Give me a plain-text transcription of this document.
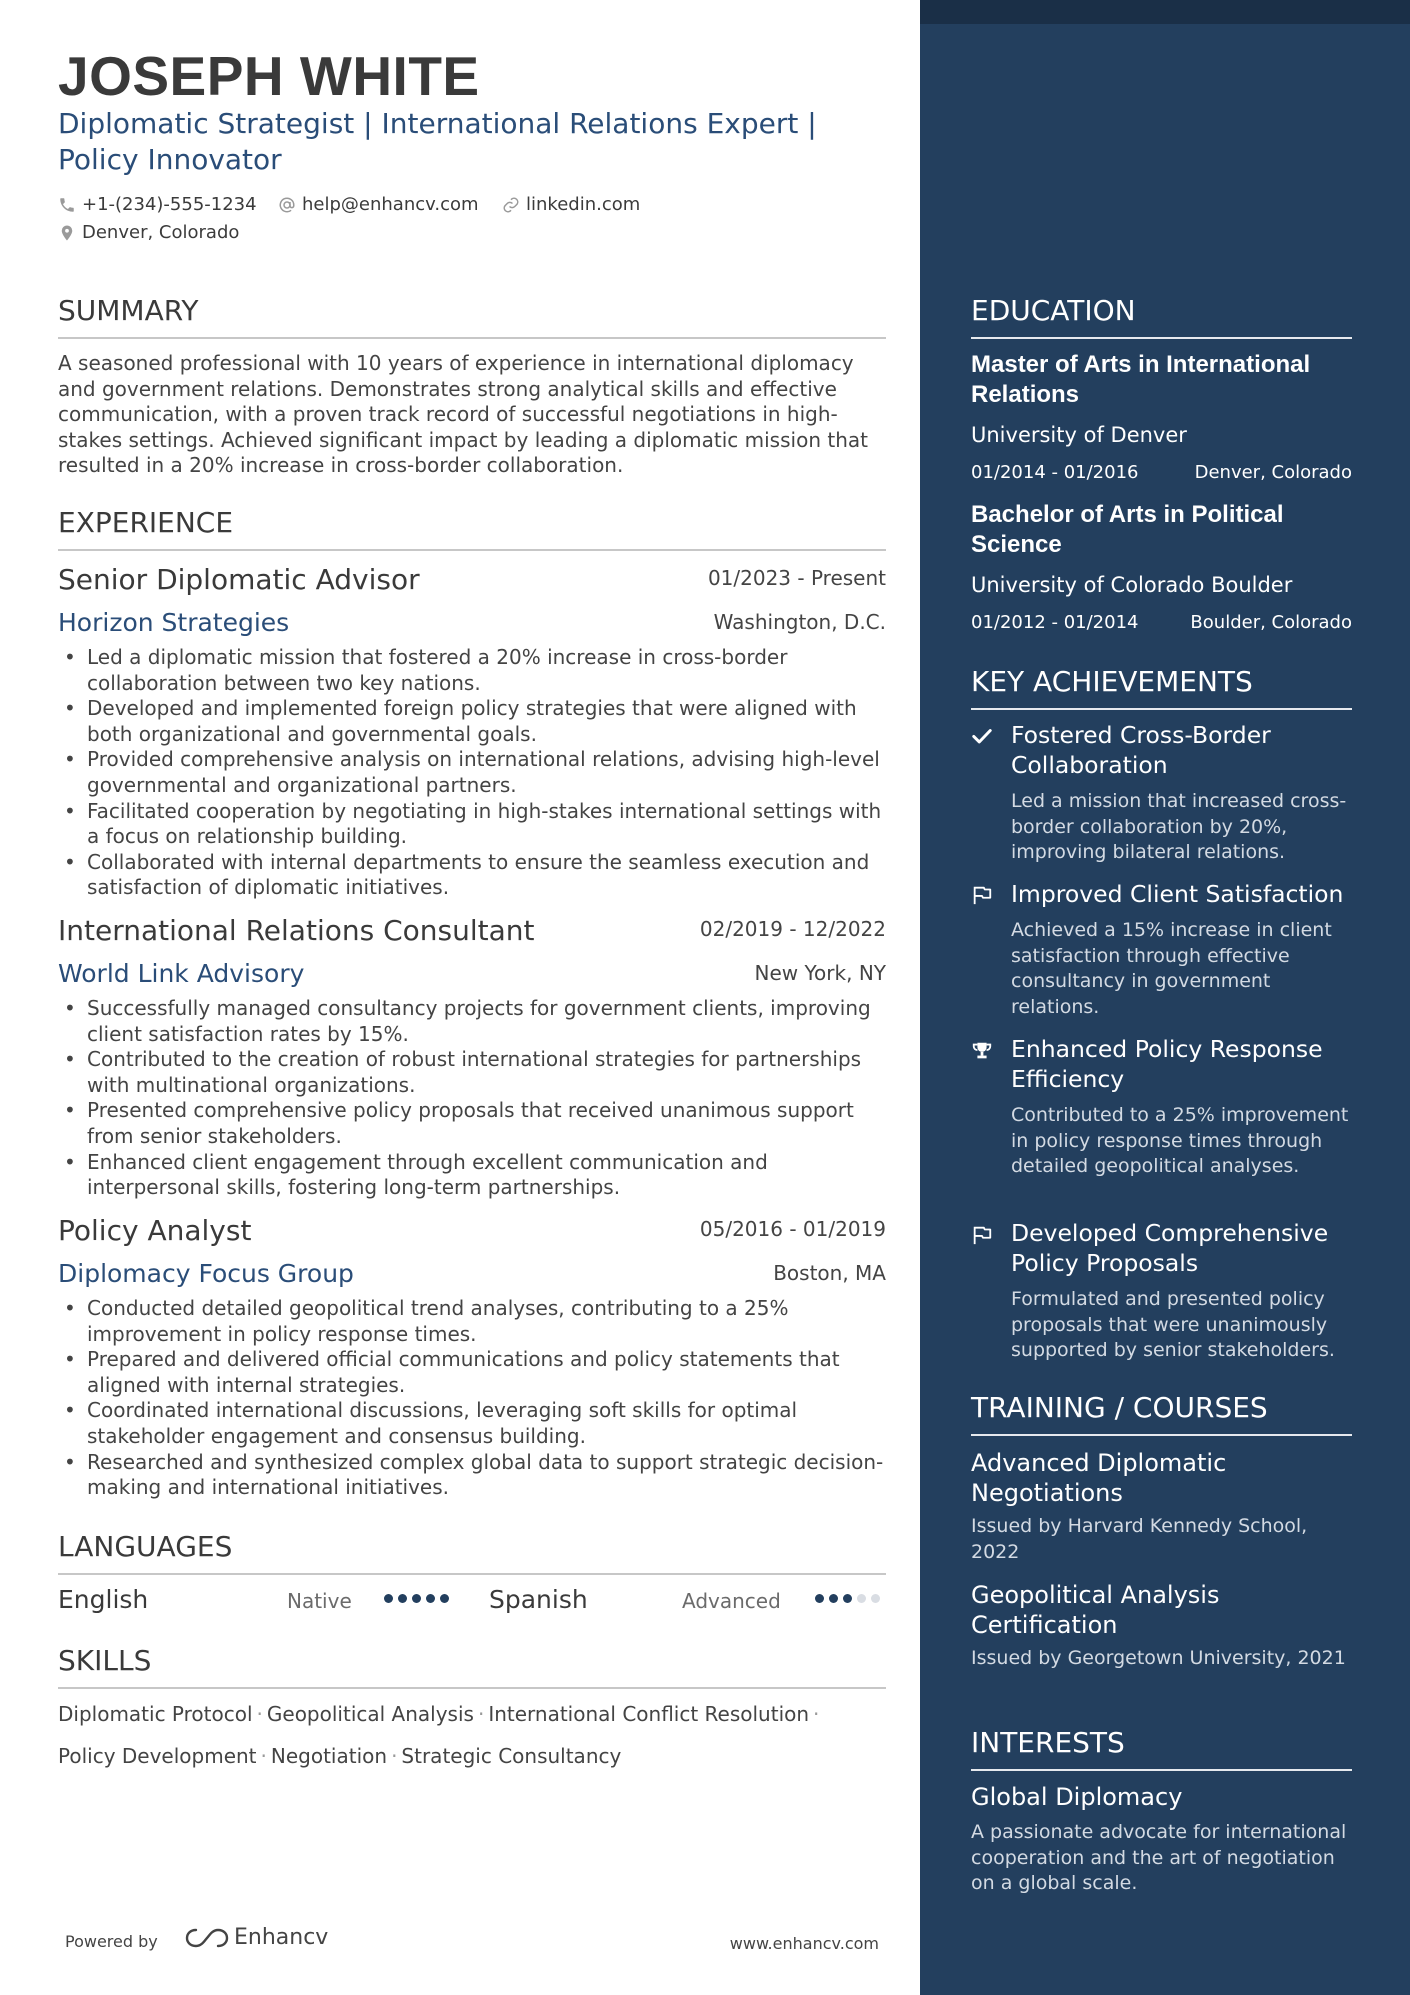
JOSEPH WHITE
Diplomatic Strategist | International Relations Expert | Policy Innovator
+1-(234)-555-1234	help@enhancv.com	linkedin.com
Denver, Colorado
SUMMARY
A seasoned professional with 10 years of experience in international diplomacy and government relations. Demonstrates strong analytical skills and effective communication, with a proven track record of successful negotiations in high-stakes settings. Achieved significant impact by leading a diplomatic mission that resulted in a 20% increase in cross-border collaboration.
EXPERIENCE
Senior Diplomatic Advisor	01/2023 - Present
Horizon Strategies	Washington, D.C.
• Led a diplomatic mission that fostered a 20% increase in cross-border collaboration between two key nations.
• Developed and implemented foreign policy strategies that were aligned with both organizational and governmental goals.
• Provided comprehensive analysis on international relations, advising high-level governmental and organizational partners.
• Facilitated cooperation by negotiating in high-stakes international settings with a focus on relationship building.
• Collaborated with internal departments to ensure the seamless execution and satisfaction of diplomatic initiatives.
International Relations Consultant	02/2019 - 12/2022
World Link Advisory	New York, NY
• Successfully managed consultancy projects for government clients, improving client satisfaction rates by 15%.
• Contributed to the creation of robust international strategies for partnerships with multinational organizations.
• Presented comprehensive policy proposals that received unanimous support from senior stakeholders.
• Enhanced client engagement through excellent communication and interpersonal skills, fostering long-term partnerships.
Policy Analyst	05/2016 - 01/2019
Diplomacy Focus Group	Boston, MA
• Conducted detailed geopolitical trend analyses, contributing to a 25% improvement in policy response times.
• Prepared and delivered official communications and policy statements that aligned with internal strategies.
• Coordinated international discussions, leveraging soft skills for optimal stakeholder engagement and consensus building.
• Researched and synthesized complex global data to support strategic decision-making and international initiatives.
LANGUAGES
English	Native	Spanish	Advanced
SKILLS
Diplomatic Protocol · Geopolitical Analysis · International Conflict Resolution ·
Policy Development · Negotiation · Strategic Consultancy
Powered by	Enhancv	www.enhancv.com
EDUCATION
Master of Arts in International Relations
University of Denver
01/2014 - 01/2016	Denver, Colorado
Bachelor of Arts in Political Science
University of Colorado Boulder
01/2012 - 01/2014	Boulder, Colorado
KEY ACHIEVEMENTS
Fostered Cross-Border Collaboration
Led a mission that increased cross-border collaboration by 20%, improving bilateral relations.
Improved Client Satisfaction
Achieved a 15% increase in client satisfaction through effective consultancy in government relations.
Enhanced Policy Response Efficiency
Contributed to a 25% improvement in policy response times through detailed geopolitical analyses.
Developed Comprehensive Policy Proposals
Formulated and presented policy proposals that were unanimously supported by senior stakeholders.
TRAINING / COURSES
Advanced Diplomatic Negotiations
Issued by Harvard Kennedy School, 2022
Geopolitical Analysis Certification
Issued by Georgetown University, 2021
INTERESTS
Global Diplomacy
A passionate advocate for international cooperation and the art of negotiation on a global scale.
